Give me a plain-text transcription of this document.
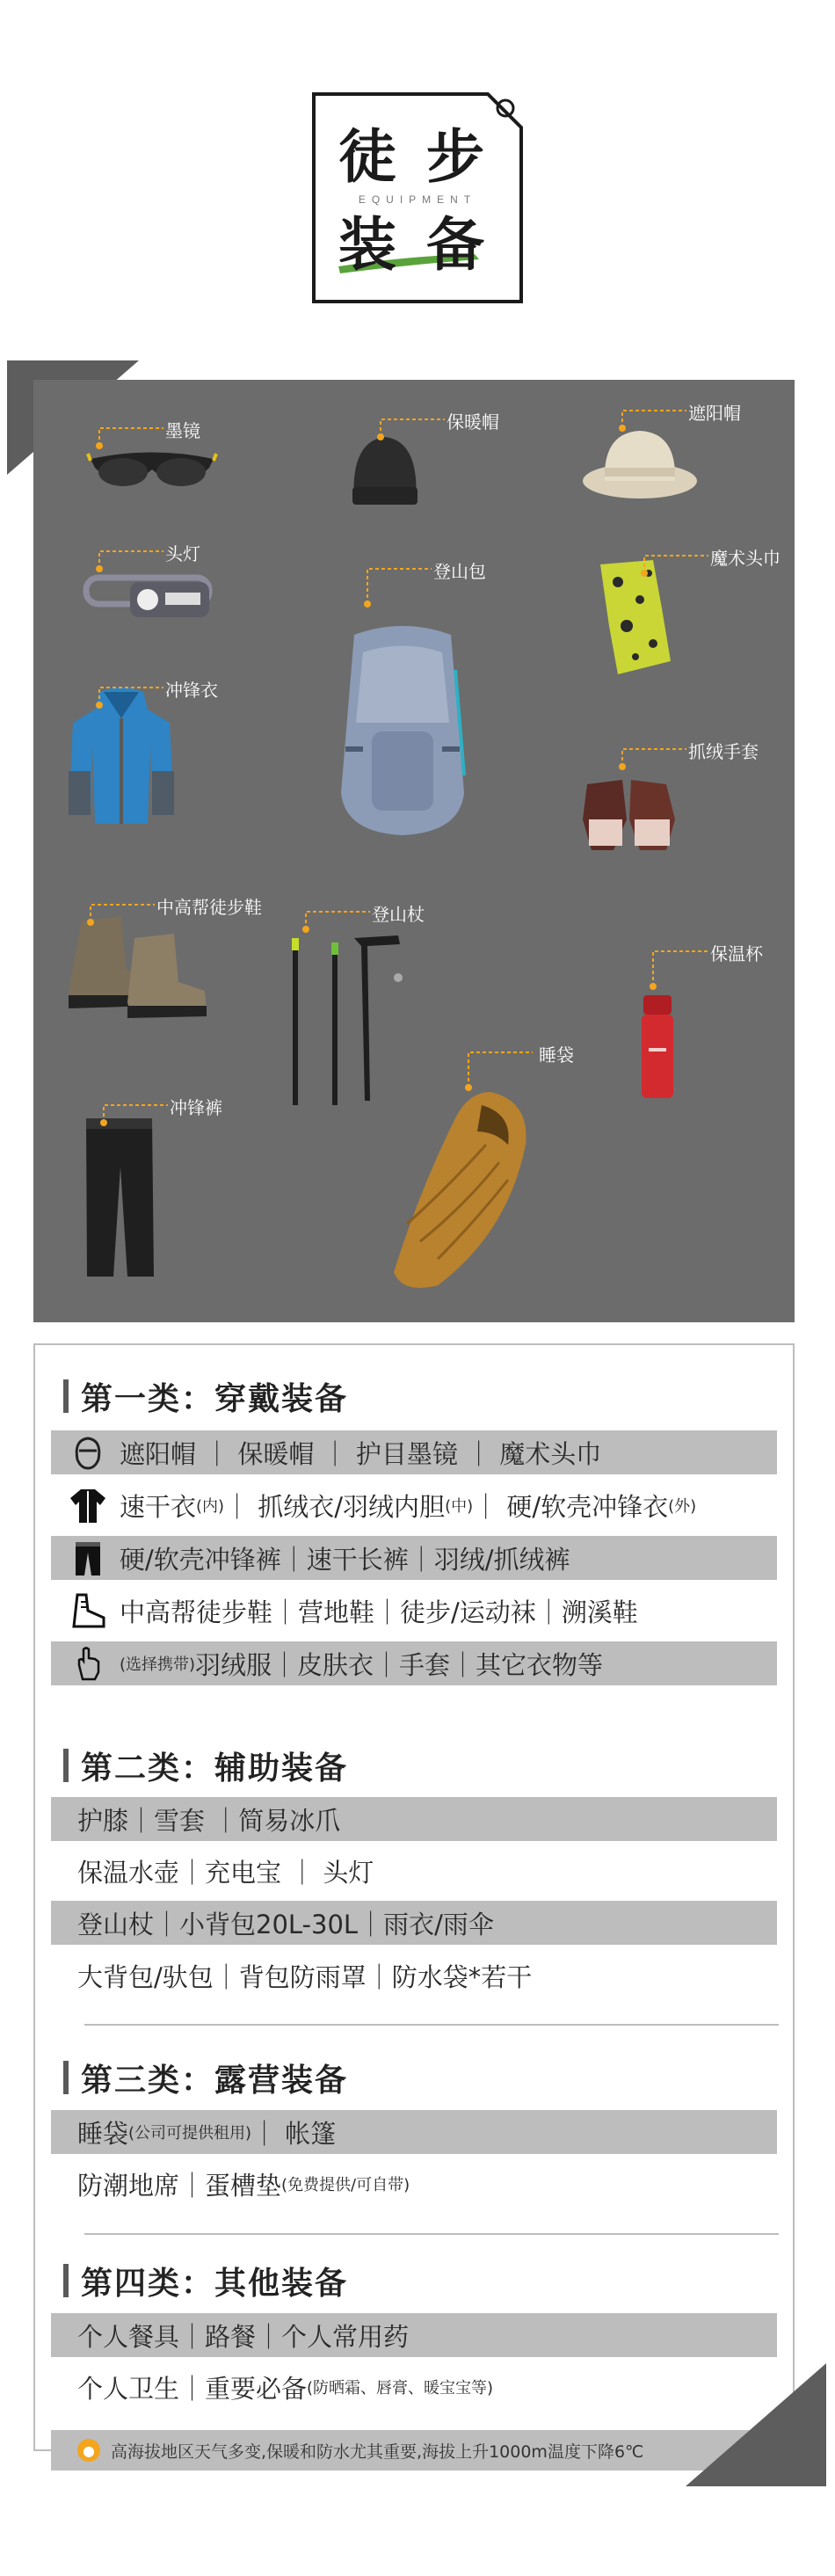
徒 步
EQUIPMENT
装 备
墨镜
头灯
冲锋衣
中高帮徒步鞋
冲锋裤
保暖帽
登山包
登山杖
睡袋
遮阳帽
魔术头巾
抓绒手套
保温杯
第一类：穿戴装备
遮阳帽 ｜ 保暖帽 ｜ 护目墨镜 ｜ 魔术头巾
速干衣 (内) ｜ 抓绒衣/羽绒内胆 (中) ｜ 硬/软壳冲锋衣 (外)
硬/软壳冲锋裤｜速干长裤｜羽绒/抓绒裤
中高帮徒步鞋｜营地鞋｜徒步/运动袜｜溯溪鞋
(选择携带) 羽绒服｜皮肤衣｜手套｜其它衣物等
第二类：辅助装备
护膝｜雪套 ｜简易冰爪
保温水壶｜充电宝 ｜ 头灯
登山杖｜小背包20L-30L｜雨衣/雨伞
大背包/驮包｜背包防雨罩｜防水袋*若干
第三类：露营装备
睡袋 (公司可提供租用) ｜ 帐篷
防潮地席｜蛋槽垫 (免费提供/可自带)
第四类：其他装备
个人餐具｜路餐｜个人常用药
个人卫生｜重要必备 (防晒霜、唇膏、暖宝宝等)
● 高海拔地区天气多变,保暖和防水尤其重要,海拔上升1000m温度下降6℃
